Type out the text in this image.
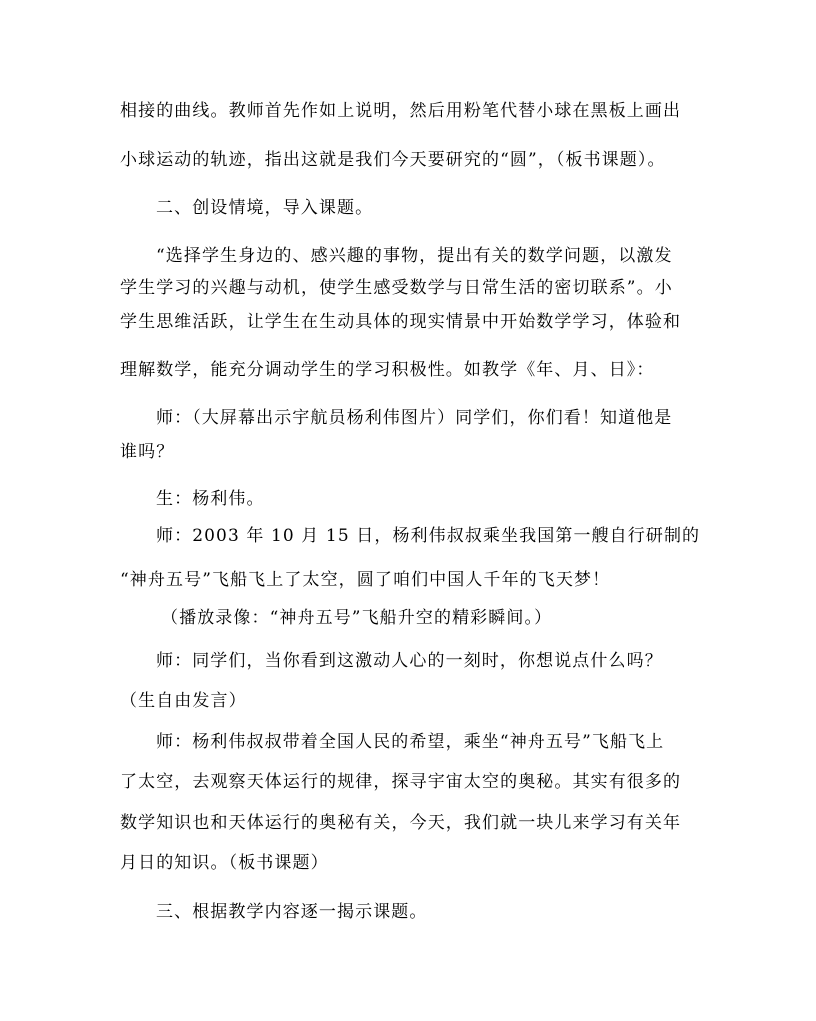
相接的曲线。教师首先作如上说明，然后用粉笔代替小球在黑板上画出
小球运动的轨迹，指出这就是我们今天要研究的“圆”，（板书课题）。
二、创设情境，导入课题。
“选择学生身边的、感兴趣的事物，提出有关的数学问题，以激发
学生学习的兴趣与动机，使学生感受数学与日常生活的密切联系”。小
学生思维活跃，让学生在生动具体的现实情景中开始数学学习，体验和
理解数学，能充分调动学生的学习积极性。如教学《年、月、日》：
师：（大屏幕出示宇航员杨利伟图片）同学们，你们看！知道他是
谁吗？
生：杨利伟。
师：2003 年 10 月 15 日，杨利伟叔叔乘坐我国第一艘自行研制的
“神舟五号”飞船飞上了太空，圆了咱们中国人千年的飞天梦！
（播放录像：“神舟五号”飞船升空的精彩瞬间。）
师：同学们，当你看到这激动人心的一刻时，你想说点什么吗？
（生自由发言）
师：杨利伟叔叔带着全国人民的希望，乘坐“神舟五号”飞船飞上
了太空，去观察天体运行的规律，探寻宇宙太空的奥秘。其实有很多的
数学知识也和天体运行的奥秘有关，今天，我们就一块儿来学习有关年
月日的知识。（板书课题）
三、根据教学内容逐一揭示课题。
